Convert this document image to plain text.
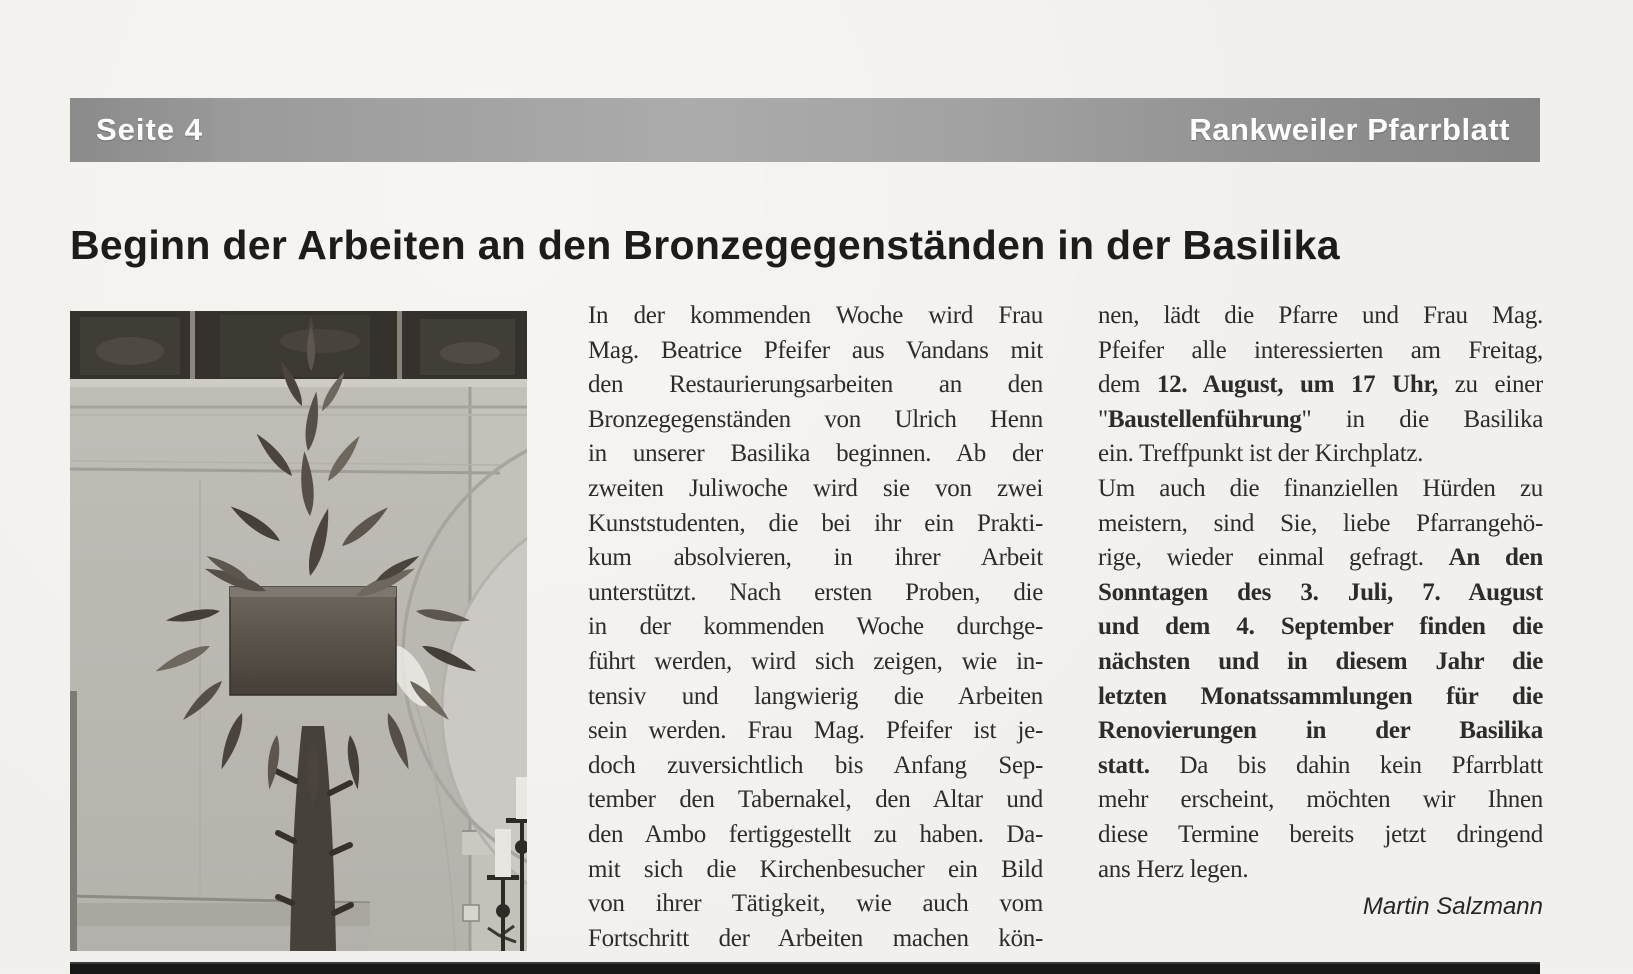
Seite 4	Rankweiler Pfarrblatt
Beginn der Arbeiten an den Bronzegegenständen in der Basilika
In der kommenden Woche wird Frau
Mag. Beatrice Pfeifer aus Vandans mit
den Restaurierungsarbeiten an den
Bronzegegenständen von Ulrich Henn
in unserer Basilika beginnen. Ab der
zweiten Juliwoche wird sie von zwei
Kunststudenten, die bei ihr ein Prakti-
kum absolvieren, in ihrer Arbeit
unterstützt. Nach ersten Proben, die
in der kommenden Woche durchge-
führt werden, wird sich zeigen, wie in-
tensiv und langwierig die Arbeiten
sein werden. Frau Mag. Pfeifer ist je-
doch zuversichtlich bis Anfang Sep-
tember den Tabernakel, den Altar und
den Ambo fertiggestellt zu haben. Da-
mit sich die Kirchenbesucher ein Bild
von ihrer Tätigkeit, wie auch vom
Fortschritt der Arbeiten machen kön-
nen, lädt die Pfarre und Frau Mag.
Pfeifer alle interessierten am Freitag,
dem 12. August, um 17 Uhr, zu einer
"Baustellenführung" in die Basilika
ein. Treffpunkt ist der Kirchplatz.
Um auch die finanziellen Hürden zu
meistern, sind Sie, liebe Pfarrangehö-
rige, wieder einmal gefragt. An den
Sonntagen des 3. Juli, 7. August
und dem 4. September finden die
nächsten und in diesem Jahr die
letzten Monatssammlungen für die
Renovierungen in der Basilika
statt. Da bis dahin kein Pfarrblatt
mehr erscheint, möchten wir Ihnen
diese Termine bereits jetzt dringend
ans Herz legen.
Martin Salzmann
